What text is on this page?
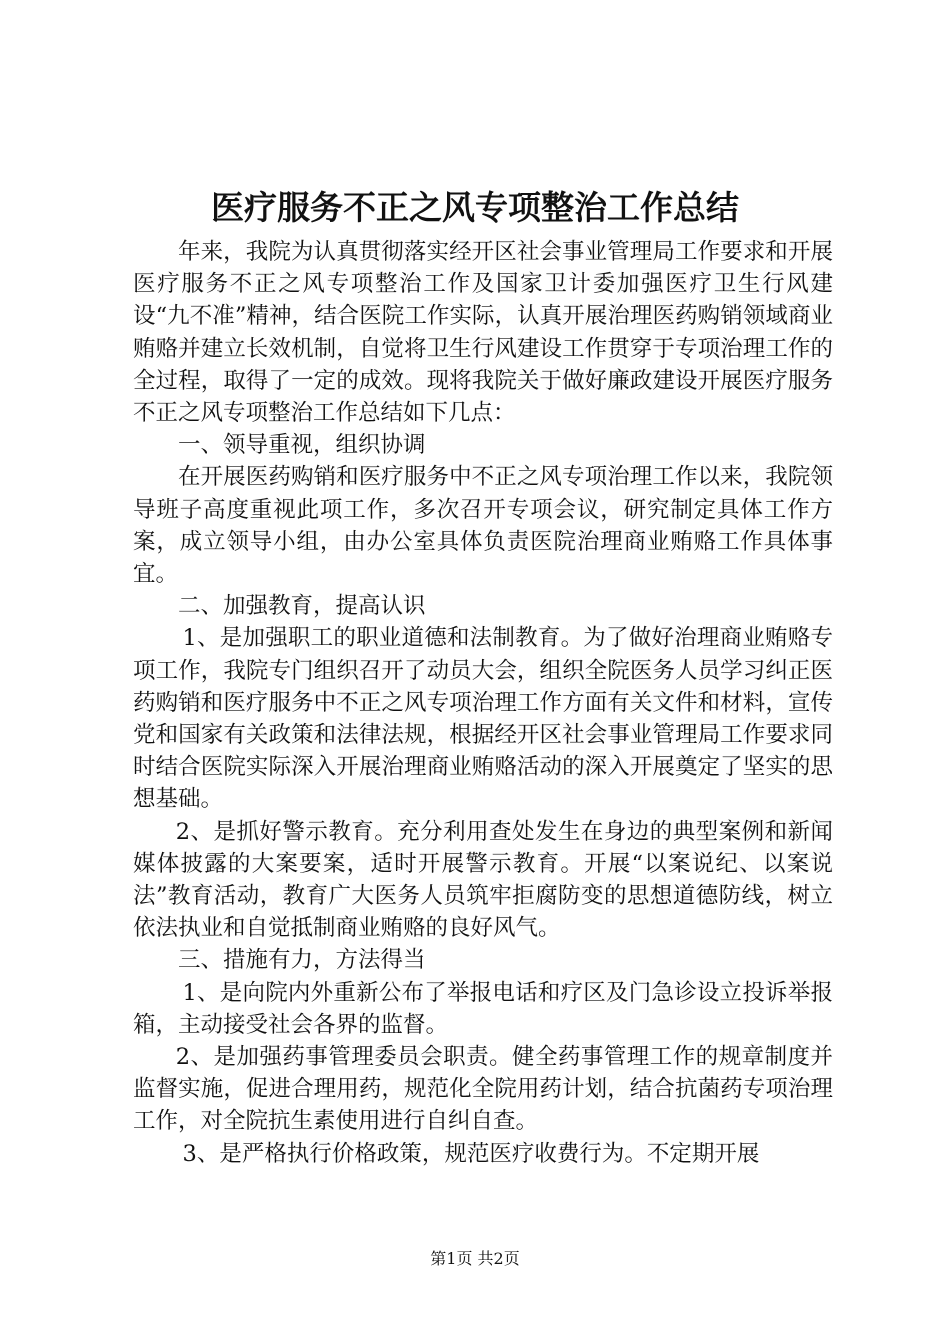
医疗服务不正之风专项整治工作总结

年来，我院为认真贯彻落实经开区社会事业管理局工作要求和开展医疗服务不正之风专项整治工作及国家卫计委加强医疗卫生行风建设“九不准”精神，结合医院工作实际，认真开展治理医药购销领域商业贿赂并建立长效机制，自觉将卫生行风建设工作贯穿于专项治理工作的全过程，取得了一定的成效。现将我院关于做好廉政建设开展医疗服务不正之风专项整治工作总结如下几点：

一、领导重视，组织协调

在开展医药购销和医疗服务中不正之风专项治理工作以来，我院领导班子高度重视此项工作，多次召开专项会议，研究制定具体工作方案，成立领导小组，由办公室具体负责医院治理商业贿赂工作具体事宜。

二、加强教育，提高认识

1、是加强职工的职业道德和法制教育。为了做好治理商业贿赂专项工作，我院专门组织召开了动员大会，组织全院医务人员学习纠正医药购销和医疗服务中不正之风专项治理工作方面有关文件和材料，宣传党和国家有关政策和法律法规，根据经开区社会事业管理局工作要求同时结合医院实际深入开展治理商业贿赂活动的深入开展奠定了坚实的思想基础。

2、是抓好警示教育。充分利用查处发生在身边的典型案例和新闻媒体披露的大案要案，适时开展警示教育。开展“以案说纪、以案说法”教育活动，教育广大医务人员筑牢拒腐防变的思想道德防线，树立依法执业和自觉抵制商业贿赂的良好风气。

三、措施有力，方法得当

1、是向院内外重新公布了举报电话和疗区及门急诊设立投诉举报箱，主动接受社会各界的监督。

2、是加强药事管理委员会职责。健全药事管理工作的规章制度并监督实施，促进合理用药，规范化全院用药计划，结合抗菌药专项治理工作，对全院抗生素使用进行自纠自查。

3、是严格执行价格政策，规范医疗收费行为。不定期开展

第1页 共2页
